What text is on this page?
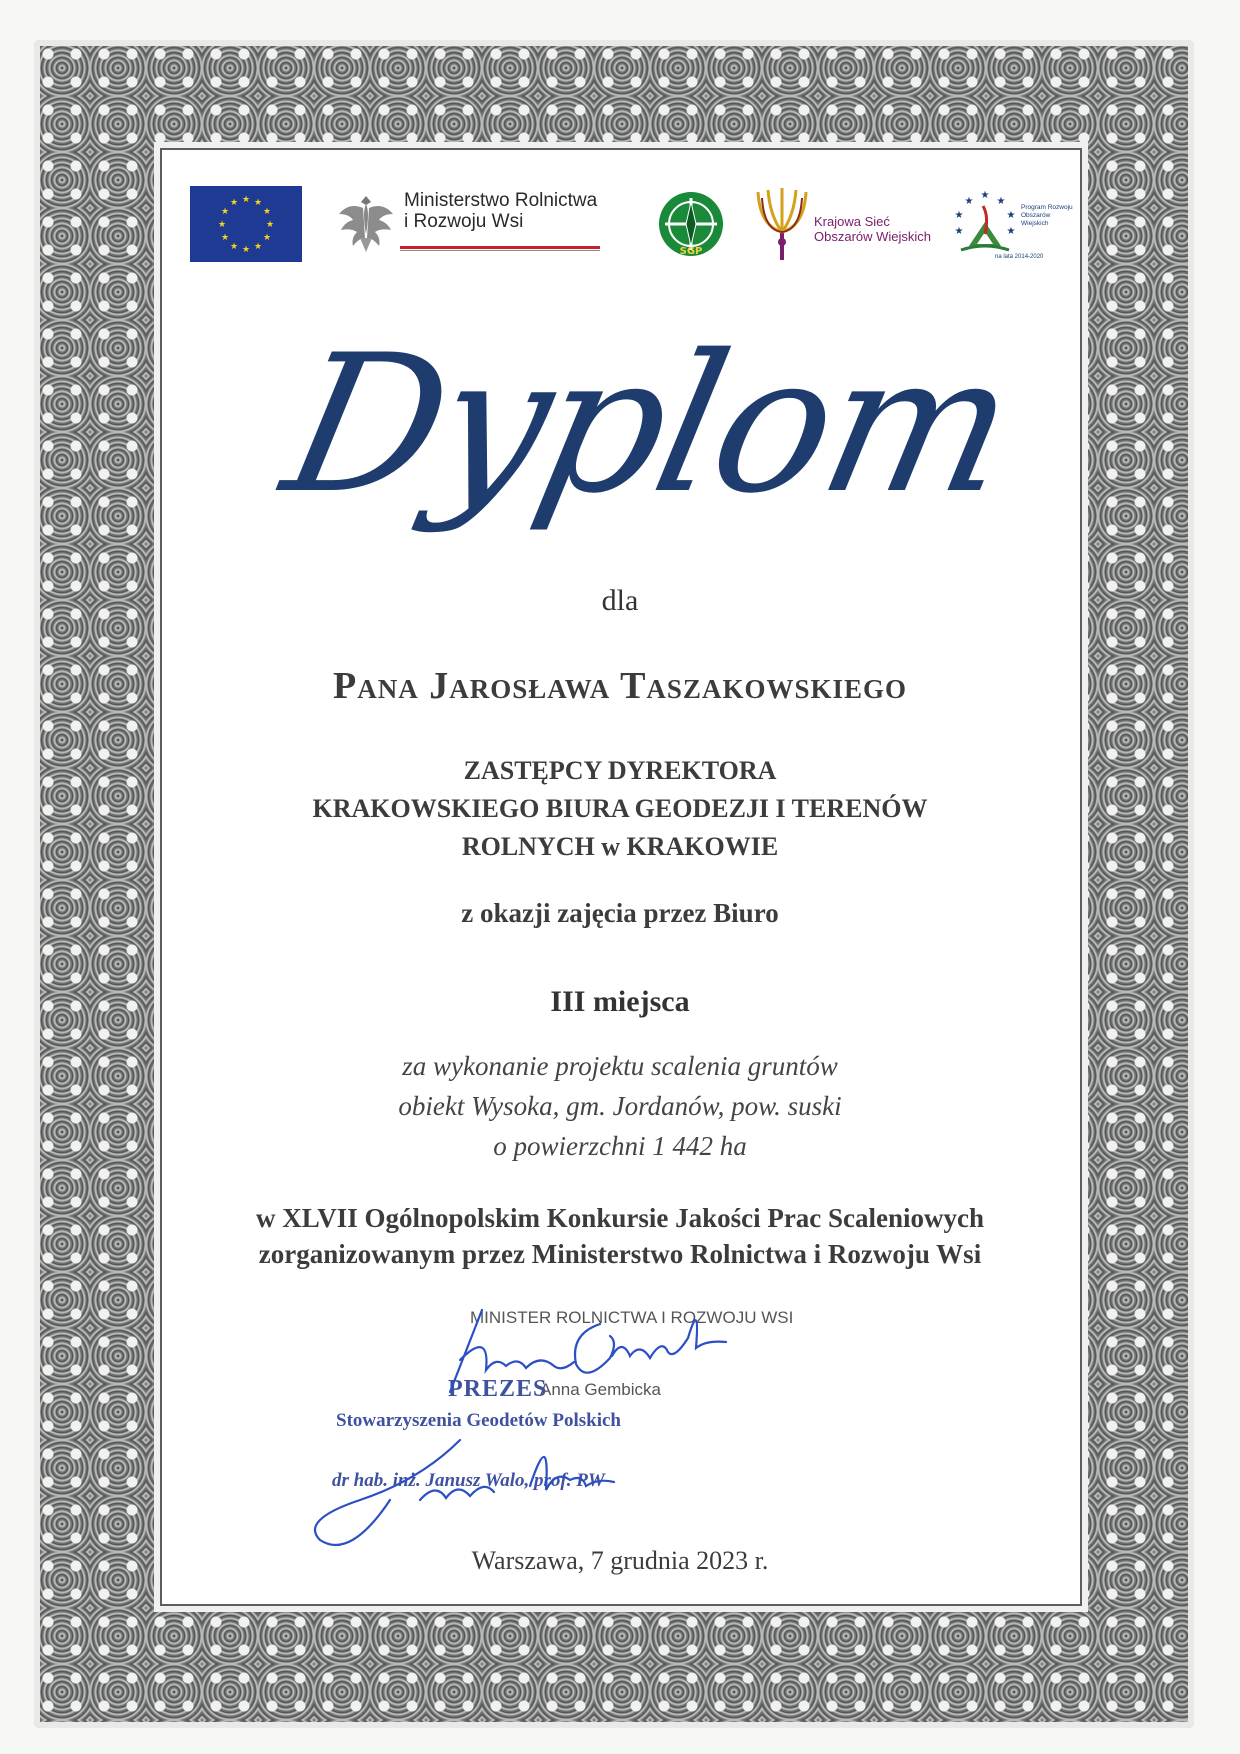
★ ★
★
★
★
★
★
★
★
★
★
★	Ministerstwo Rolnictwa i Rozwoju Wsi
SGP
Krajowa Sieć Obszarów Wiejskich
★
★
★
★
★
★
★
Program Rozwoju Obszarów Wiejskich
na lata 2014-2020
Dyplom
dla
Pana Jarosława Taszakowskiego
ZASTĘPCY DYREKTORA
KRAKOWSKIEGO BIURA GEODEZJI I TERENÓW
ROLNYCH w KRAKOWIE
z okazji zajęcia przez Biuro
III miejsca
za wykonanie projektu scalenia gruntów
obiekt Wysoka, gm. Jordanów, pow. suski
o powierzchni 1 442 ha
w XLVII Ogólnopolskim Konkursie Jakości Prac Scaleniowych
zorganizowanym przez Ministerstwo Rolnictwa i Rozwoju Wsi
MINISTER ROLNICTWA I ROZWOJU WSI
Anna Gembicka
PREZES
Stowarzyszenia Geodetów Polskich
dr hab. inż. Janusz Walo, prof. PW
Warszawa, 7 grudnia 2023 r.
